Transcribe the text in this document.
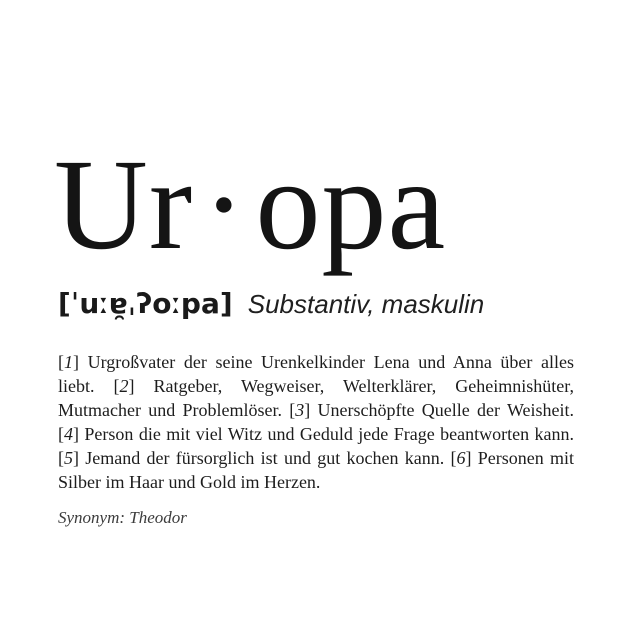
Ur·opa
[ˈuːɐ̯ˌʔoːpa] Substantiv, maskulin

[1] Urgroßvater der seine Urenkelkinder Lena und Anna über alles liebt. [2] Ratgeber, Wegweiser, Welterklärer, Geheimnishüter, Mutmacher und Problemlöser. [3] Unerschöpfte Quelle der Weisheit. [4] Person die mit viel Witz und Geduld jede Frage beantworten kann. [5] Jemand der fürsorglich ist und gut kochen kann. [6] Personen mit Silber im Haar und Gold im Herzen.

Synonym: Theodor
